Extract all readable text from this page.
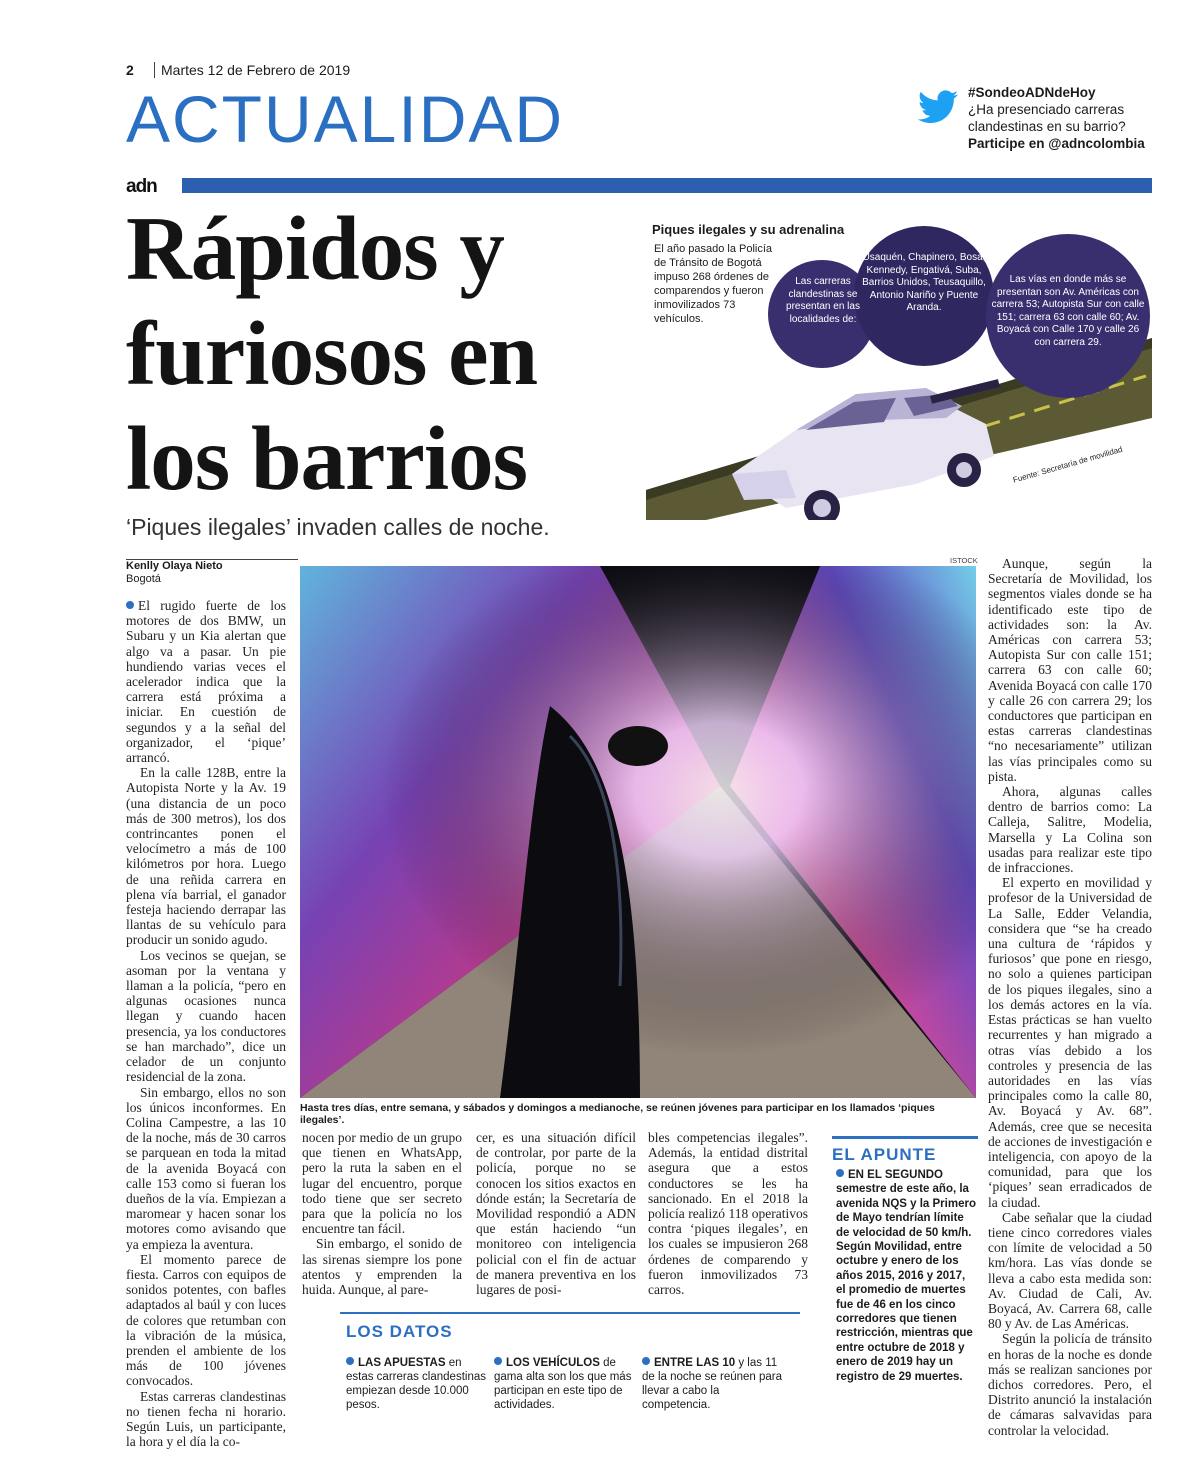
2	Martes 12 de Febrero de 2019
ACTUALIDAD	#SondeoADNdeHoy
¿Ha presenciado carreras clandestinas en su barrio?
Participe en @adncolombia
adn
Rápidos y furiosos en los barrios
‘Piques ilegales’ invaden calles de noche.
Piques ilegales y su adrenalina
El año pasado la Policía de Tránsito de Bogotá impuso 268 órdenes de comparendos y fueron inmovilizados 73 vehículos.
Las carreras clandestinas se presentan en las localidades de:
Usaquén, Chapinero, Bosa, Kennedy, Engativá, Suba, Barrios Unidos, Teusaquillo, Antonio Nariño y Puente Aranda.
Las vías en donde más se presentan son Av. Américas con carrera 53; Autopista Sur con calle 151; carrera 63 con calle 60; Av. Boyacá con Calle 170 y calle 26 con carrera 29.
Fuente: Secretaría de movilidad
Kenlly Olaya Nieto
Bogotá
ISTOCK
Hasta tres días, entre semana, y sábados y domingos a medianoche, se reúnen jóvenes para participar en los llamados ‘piques ilegales’.

El rugido fuerte de los motores de dos BMW, un Subaru y un Kia alertan que algo va a pasar. Un pie hundiendo varias veces el acelerador indica que la carrera está próxima a iniciar. En cuestión de segundos y a la señal del organizador, el ‘pique’ arrancó.

En la calle 128B, entre la Autopista Norte y la Av. 19 (una distancia de un poco más de 300 metros), los dos contrincantes ponen el velocímetro a más de 100 kilómetros por hora. Luego de una reñida carrera en plena vía barrial, el ganador festeja haciendo derrapar las llantas de su vehículo para producir un sonido agudo.

Los vecinos se quejan, se asoman por la ventana y llaman a la policía, “pero en algunas ocasiones nunca llegan y cuando hacen presencia, ya los conductores se han marchado”, dice un celador de un conjunto residencial de la zona.

Sin embargo, ellos no son los únicos inconformes. En Colina Campestre, a las 10 de la noche, más de 30 carros se parquean en toda la mitad de la avenida Boyacá con calle 153 como si fueran los dueños de la vía. Empiezan a maromear y hacen sonar los motores como avisando que ya empieza la aventura.

El momento parece de fiesta. Carros con equipos de sonidos potentes, con bafles adaptados al baúl y con luces de colores que retumban con la vibración de la música, prenden el ambiente de los más de 100 jóvenes convocados.

Estas carreras clandestinas no tienen fecha ni horario. Según Luis, un participante, la hora y el día la co-

nocen por medio de un grupo que tienen en WhatsApp, pero la ruta la saben en el lugar del encuentro, porque todo tiene que ser secreto para que la policía no los encuentre tan fácil.

Sin embargo, el sonido de las sirenas siempre los pone atentos y emprenden la huida. Aunque, al pare-

cer, es una situación difícil de controlar, por parte de la policía, porque no se conocen los sitios exactos en dónde están; la Secretaría de Movilidad respondió a ADN que están haciendo “un monitoreo con inteligencia policial con el fin de actuar de manera preventiva en los lugares de posi-

bles competencias ilegales”. Además, la entidad distrital asegura que a estos conductores se les ha sancionado. En el 2018 la policía realizó 118 operativos contra ‘piques ilegales’, en los cuales se impusieron 268 órdenes de comparendo y fueron inmovilizados 73 carros.

Aunque, según la Secretaría de Movilidad, los segmentos viales donde se ha identificado este tipo de actividades son: la Av. Américas con carrera 53; Autopista Sur con calle 151; carrera 63 con calle 60; Avenida Boyacá con calle 170 y calle 26 con carrera 29; los conductores que participan en estas carreras clandestinas “no necesariamente” utilizan las vías principales como su pista.

Ahora, algunas calles dentro de barrios como: La Calleja, Salitre, Modelia, Marsella y La Colina son usadas para realizar este tipo de infracciones.

El experto en movilidad y profesor de la Universidad de La Salle, Edder Velandia, considera que “se ha creado una cultura de ‘rápidos y furiosos’ que pone en riesgo, no solo a quienes participan de los piques ilegales, sino a los demás actores en la vía. Estas prácticas se han vuelto recurrentes y han migrado a otras vías debido a los controles y presencia de las autoridades en las vías principales como la calle 80, Av. Boyacá y Av. 68”. Además, cree que se necesita de acciones de investigación e inteligencia, con apoyo de la comunidad, para que los ‘piques’ sean erradicados de la ciudad.

Cabe señalar que la ciudad tiene cinco corredores viales con límite de velocidad a 50 km/hora. Las vías donde se lleva a cabo esta medida son: Av. Ciudad de Cali, Av. Boyacá, Av. Carrera 68, calle 80 y Av. de Las Américas.

Según la policía de tránsito en horas de la noche es donde más se realizan sanciones por dichos corredores. Pero, el Distrito anunció la instalación de cámaras salvavidas para controlar la velocidad.

LOS DATOS
LAS APUESTAS en estas carreras clandestinas empiezan desde 10.000 pesos.
LOS VEHÍCULOS de gama alta son los que más participan en este tipo de actividades.
ENTRE LAS 10 y las 11 de la noche se reúnen para llevar a cabo la competencia.
EL APUNTE
EN EL SEGUNDO semestre de este año, la avenida NQS y la Primero de Mayo tendrían límite de velocidad de 50 km/h. Según Movilidad, entre octubre y enero de los años 2015, 2016 y 2017, el promedio de muertes fue de 46 en los cinco corredores que tienen restricción, mientras que entre octubre de 2018 y enero de 2019 hay un registro de 29 muertes.
